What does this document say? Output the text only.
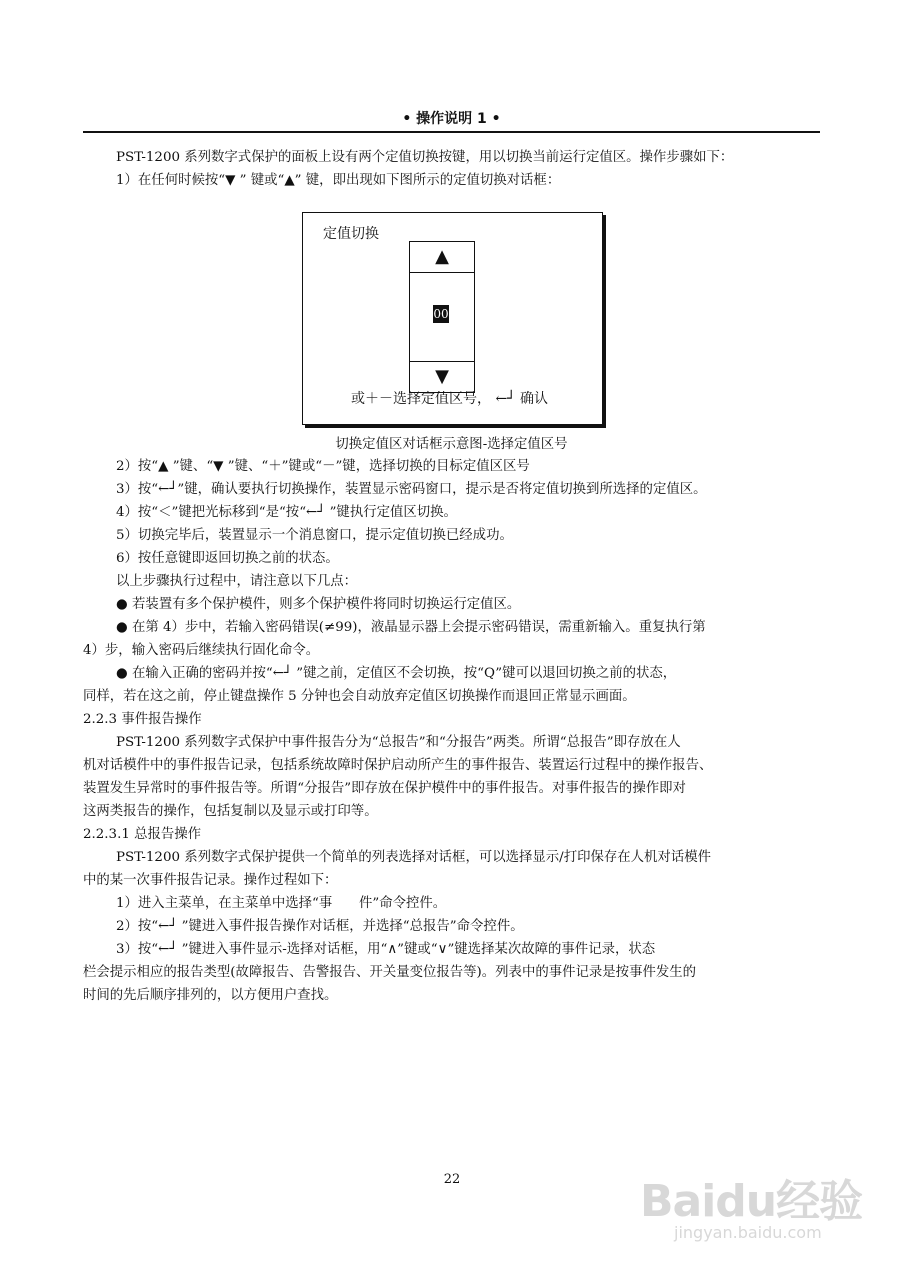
• 操作说明 1 •

PST-1200 系列数字式保护的面板上设有两个定值切换按键，用以切换当前运行定值区。操作步骤如下：

1）在任何时候按“▼ ” 键或“▲” 键，即出现如下图所示的定值切换对话框：

定值切换
▲
00
▼
或＋－选择定值区号， ←┘ 确认
切换定值区对话框示意图-选择定值区号

2）按“▲ ”键、“▼ ”键、“＋”键或“－”键，选择切换的目标定值区区号

3）按“←┘”键，确认要执行切换操作，装置显示密码窗口，提示是否将定值切换到所选择的定值区。

4）按“＜”键把光标移到“是“按“←┘ ”键执行定值区切换。

5）切换完毕后，装置显示一个消息窗口，提示定值切换已经成功。

6）按任意键即返回切换之前的状态。

以上步骤执行过程中，请注意以下几点：

● 若装置有多个保护模件，则多个保护模件将同时切换运行定值区。

● 在第 4）步中，若输入密码错误(≠99)，液晶显示器上会提示密码错误，需重新输入。重复执行第

4）步，输入密码后继续执行固化命令。

● 在输入正确的密码并按“←┘ ”键之前，定值区不会切换，按“Q”键可以退回切换之前的状态，

同样，若在这之前，停止键盘操作 5 分钟也会自动放弃定值区切换操作而退回正常显示画面。

2.2.3 事件报告操作

PST-1200 系列数字式保护中事件报告分为“总报告”和“分报告”两类。所谓“总报告”即存放在人

机对话模件中的事件报告记录，包括系统故障时保护启动所产生的事件报告、装置运行过程中的操作报告、

装置发生异常时的事件报告等。所谓“分报告”即存放在保护模件中的事件报告。对事件报告的操作即对

这两类报告的操作，包括复制以及显示或打印等。

2.2.3.1 总报告操作

PST-1200 系列数字式保护提供一个简单的列表选择对话框，可以选择显示/打印保存在人机对话模件

中的某一次事件报告记录。操作过程如下：

1）进入主菜单，在主菜单中选择“事　　件”命令控件。

2）按“←┘ ”键进入事件报告操作对话框，并选择“总报告”命令控件。

3）按“←┘ ”键进入事件显示-选择对话框，用“∧”键或“∨”键选择某次故障的事件记录，状态

栏会提示相应的报告类型(故障报告、告警报告、开关量变位报告等)。列表中的事件记录是按事件发生的

时间的先后顺序排列的，以方便用户查找。

22	Baidu经验
jingyan.baidu.com
